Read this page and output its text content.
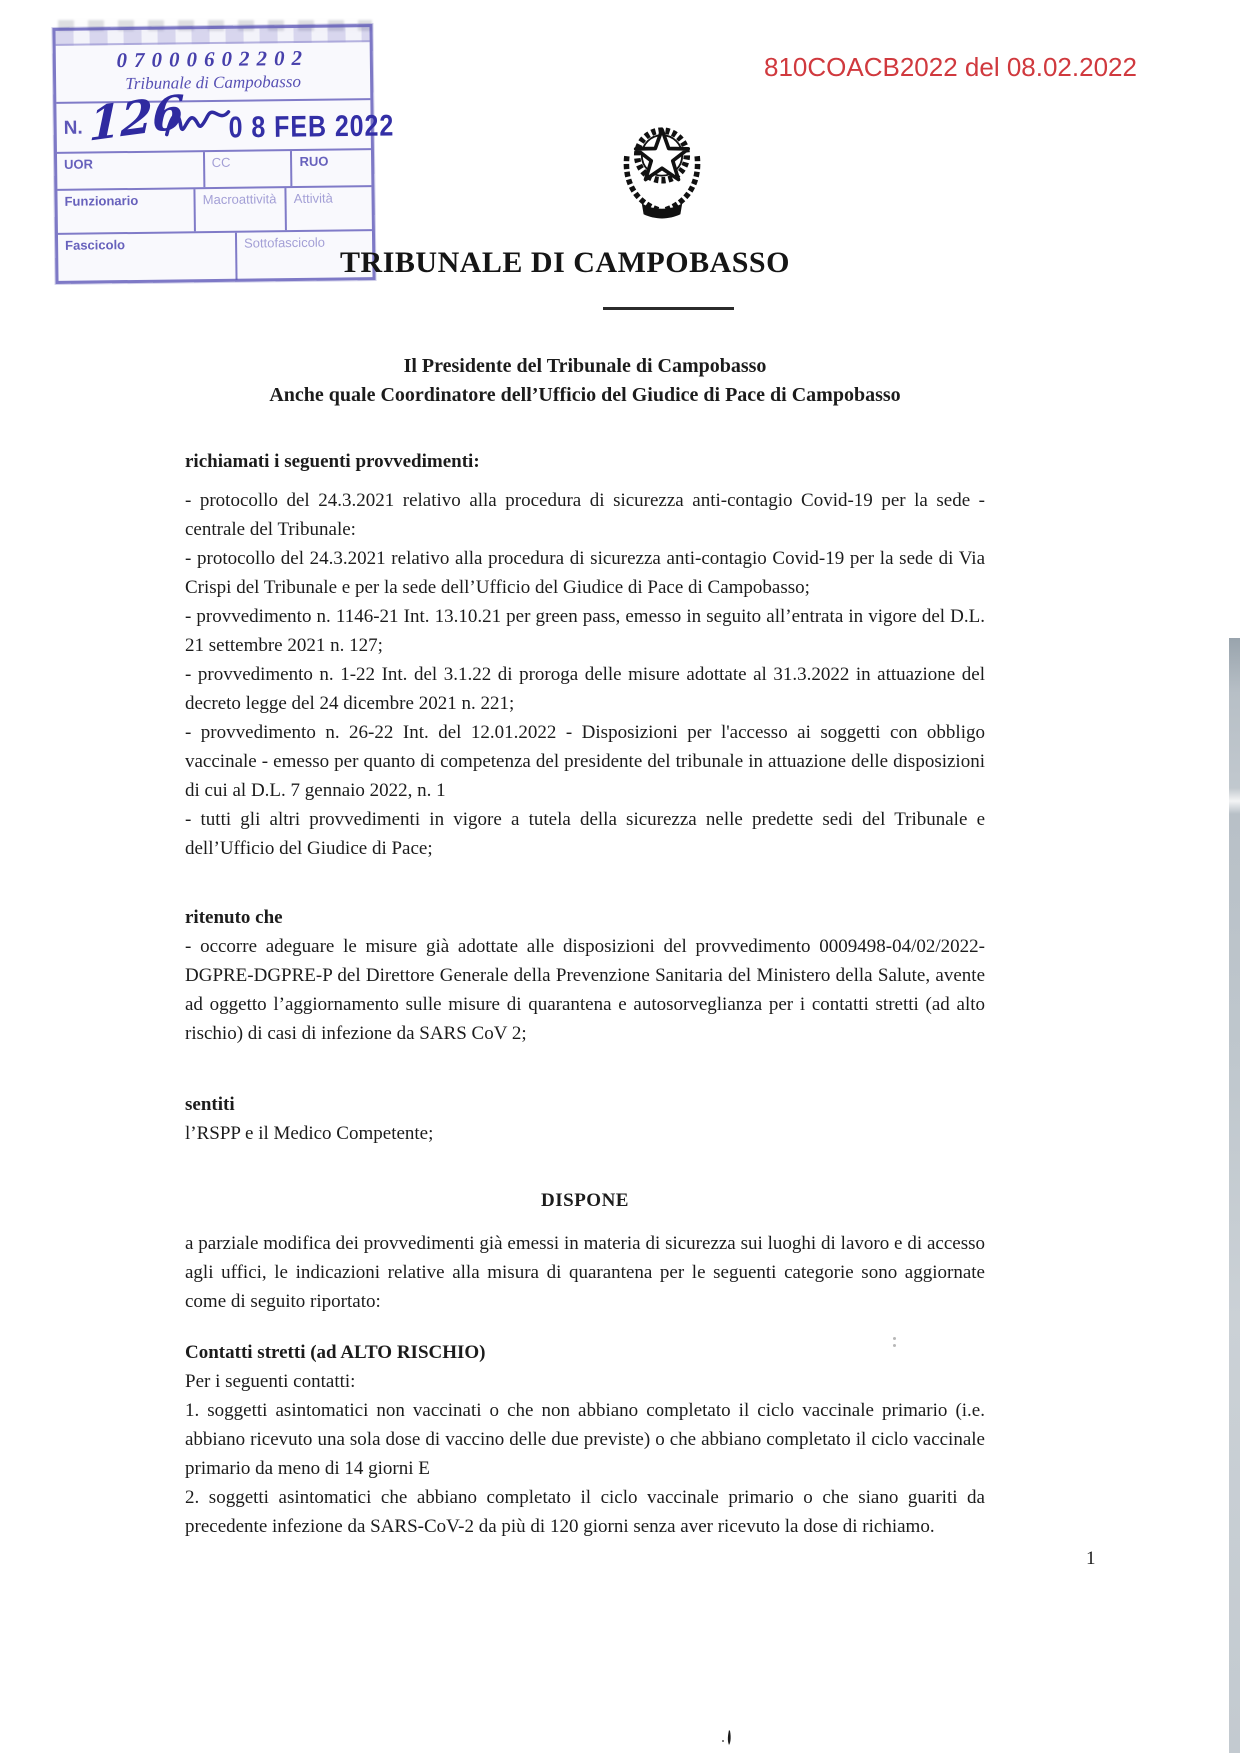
07000602202
Tribunale di Campobasso
N. 126 0 8 FEB 2022
UOR	CC	RUO
Funzionario	Macroattività	Attività
Fascicolo	Sottofascicolo
810COACB2022 del 08.02.2022
TRIBUNALE DI CAMPOBASSO

Il Presidente del Tribunale di Campobasso

Anche quale Coordinatore dell’Ufficio del Giudice di Pace di Campobasso

richiamati i seguenti provvedimenti:

- protocollo del 24.3.2021 relativo alla procedura di sicurezza anti-contagio Covid-19 per la sede - centrale del Tribunale:

- protocollo del 24.3.2021 relativo alla procedura di sicurezza anti-contagio Covid-19 per la sede di Via Crispi del Tribunale e per la sede dell’Ufficio del Giudice di Pace di Campobasso;

- provvedimento n. 1146-21 Int. 13.10.21 per green pass, emesso in seguito all’entrata in vigore del D.L. 21 settembre 2021 n. 127;

- provvedimento n. 1-22 Int. del 3.1.22 di proroga delle misure adottate al 31.3.2022 in attuazione del decreto legge del 24 dicembre 2021 n. 221;

- provvedimento n. 26-22 Int. del 12.01.2022 - Disposizioni per l'accesso ai soggetti con obbligo vaccinale - emesso per quanto di competenza del presidente del tribunale in attuazione delle disposizioni di cui al D.L. 7 gennaio 2022, n. 1

- tutti gli altri provvedimenti in vigore a tutela della sicurezza nelle predette sedi del Tribunale e dell’Ufficio del Giudice di Pace;

ritenuto che

- occorre adeguare le misure già adottate alle disposizioni del provvedimento 0009498-04/02/2022-DGPRE-DGPRE-P del Direttore Generale della Prevenzione Sanitaria del Ministero della Salute, avente ad oggetto l’aggiornamento sulle misure di quarantena e autosorveglianza per i contatti stretti (ad alto rischio) di casi di infezione da SARS CoV 2;

sentiti

l’RSPP e il Medico Competente;

DISPONE

a parziale modifica dei provvedimenti già emessi in materia di sicurezza sui luoghi di lavoro e di accesso agli uffici, le indicazioni relative alla misura di quarantena per le seguenti categorie sono aggiornate come di seguito riportato:

Contatti stretti (ad ALTO RISCHIO)

Per i seguenti contatti:

1. soggetti asintomatici non vaccinati o che non abbiano completato il ciclo vaccinale primario (i.e. abbiano ricevuto una sola dose di vaccino delle due previste) o che abbiano completato il ciclo vaccinale primario da meno di 14 giorni E

2. soggetti asintomatici che abbiano completato il ciclo vaccinale primario o che siano guariti da precedente infezione da SARS-CoV-2 da più di 120 giorni senza aver ricevuto la dose di richiamo.

1
